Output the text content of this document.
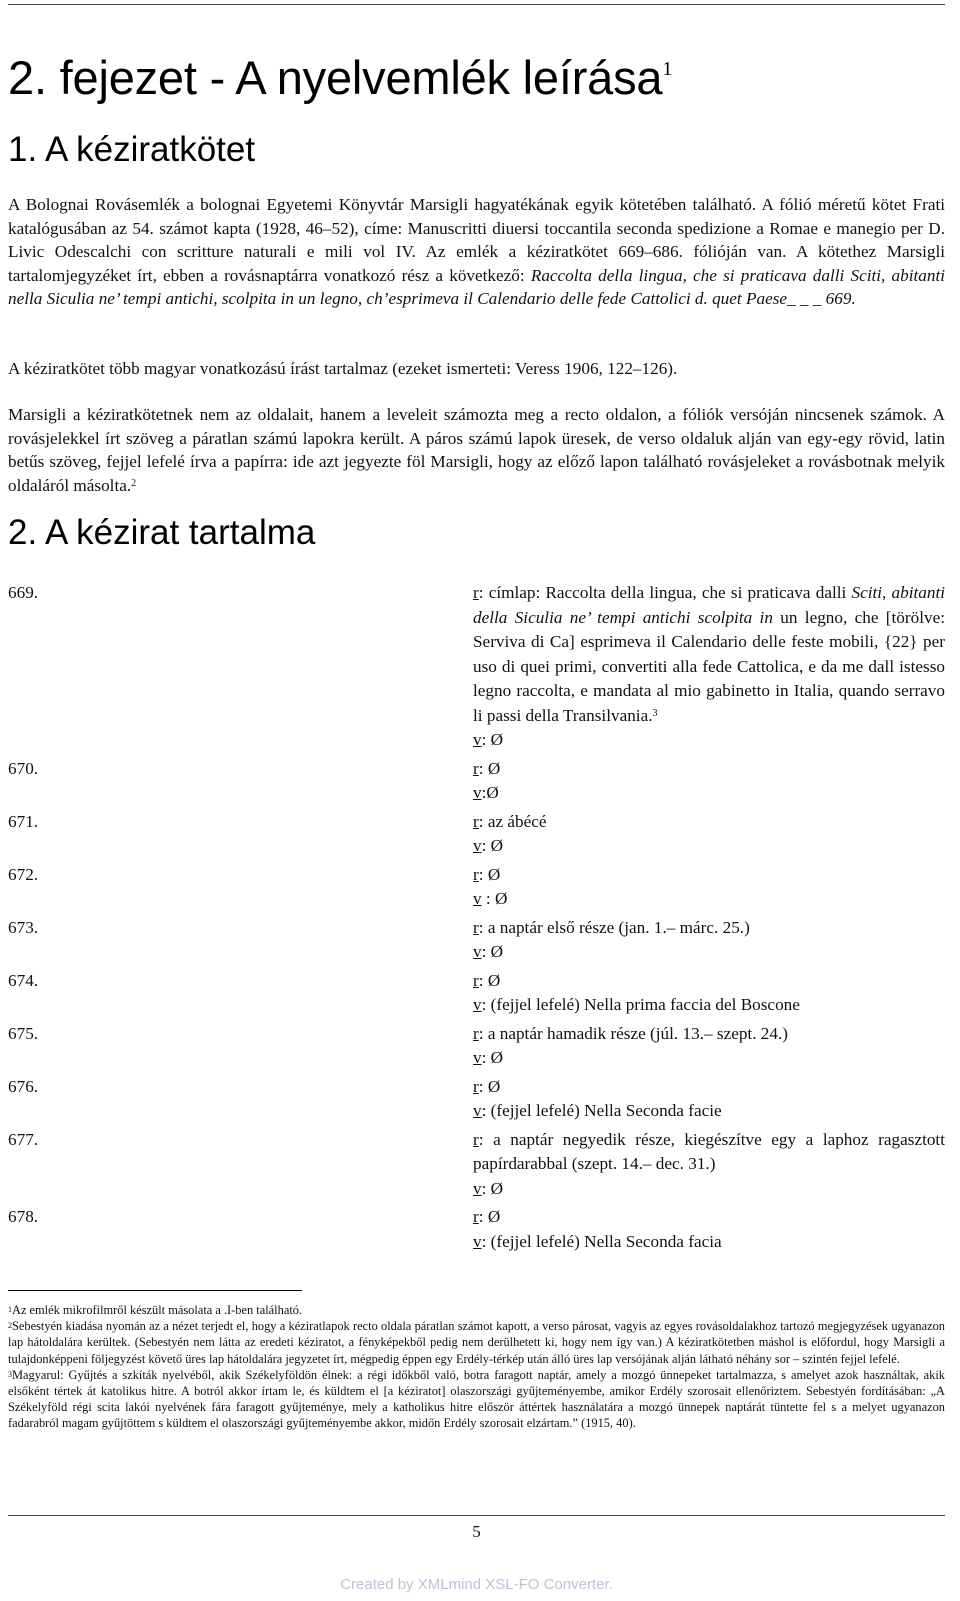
2. fejezet - A nyelvemlék leírása$^1$
1. A kéziratkötet

A Bolognai Rovásemlék a bolognai Egyetemi Könyvtár Marsigli hagyatékának egyik kötetében található. A fólió méretű kötet Frati katalógusában az 54. számot kapta (1928, 46–52), címe: Manuscritti diuersi toccantila seconda spedizione a Romae e manegio per D. Livic Odescalchi con scritture naturali e mili vol IV. Az emlék a kéziratkötet 669–686. fólióján van. A kötethez Marsigli tartalomjegyzéket írt, ebben a rovásnaptárra vonatkozó rész a következő: Raccolta della lingua, che si praticava dalli Sciti, abitanti nella Siculia ne’ tempi antichi, scolpita in un legno, ch’esprimeva il Calendario delle fede Cattolici d. quet Paese_ _ _ 669.

A kéziratkötet több magyar vonatkozású írást tartalmaz (ezeket ismerteti: Veress 1906, 122–126).

Marsigli a kéziratkötetnek nem az oldalait, hanem a leveleit számozta meg a recto oldalon, a fóliók versóján nincsenek számok. A rovásjelekkel írt szöveg a páratlan számú lapokra került. A páros számú lapok üresek, de verso oldaluk alján van egy-egy rövid, latin betűs szöveg, fejjel lefelé írva a papírra: ide azt jegyezte föl Marsigli, hogy az előző lapon található rovásjeleket a rovásbotnak melyik oldaláról másolta.$^2$

2. A kézirat tartalma
669.	r: címlap: Raccolta della lingua, che si praticava dalli Sciti, abitanti della Siculia ne’ tempi antichi scolpita in un legno, che [törölve: Serviva di Ca] esprimeva il Calendario delle feste mobili, {22} per uso di quei primi, convertiti alla fede Cattolica, e da me dall istesso legno raccolta, e mandata al mio gabinetto in Italia, quando serravo li passi della Transilvania.$^3$
v: Ø
670.	r: Ø
v:Ø
671.	r: az ábécé
v: Ø
672.	r: Ø
v : Ø
673.	r: a naptár első része (jan. 1.– márc. 25.)
v: Ø
674.	r: Ø
v: (fejjel lefelé) Nella prima faccia del Boscone
675.	r: a naptár hamadik része (júl. 13.– szept. 24.)
v: Ø
676.	r: Ø
v: (fejjel lefelé) Nella Seconda facie
677.	r: a naptár negyedik része, kiegészítve egy a laphoz ragasztott papírdarabbal (szept. 14.– dec. 31.)
v: Ø
678.	r: Ø
v: (fejjel lefelé) Nella Seconda facia

$^1$Az emlék mikrofilmről készült másolata a .I-ben található.

$^2$Sebestyén kiadása nyomán az a nézet terjedt el, hogy a kéziratlapok recto oldala páratlan számot kapott, a verso párosat, vagyis az egyes rovásoldalakhoz tartozó megjegyzések ugyanazon lap hátoldalára kerültek. (Sebestyén nem látta az eredeti kéziratot, a fényképekből pedig nem derülhetett ki, hogy nem így van.) A kéziratkötetben máshol is előfordul, hogy Marsigli a tulajdonképpeni följegyzést követő üres lap hátoldalára jegyzetet írt, mégpedig éppen egy Erdély-térkép után álló üres lap versójának alján látható néhány sor – szintén fejjel lefelé.

$^3$Magyarul: Gyűjtés a szkíták nyelvéből, akik Székelyföldön élnek: a régi időkből való, botra faragott naptár, amely a mozgó ünnepeket tartalmazza, s amelyet azok használtak, akik elsőként tértek át katolikus hitre. A botról akkor írtam le, és küldtem el [a kéziratot] olaszországi gyűjteményembe, amikor Erdély szorosait ellenőriztem. Sebestyén fordításában: „A Székelyföld régi scita lakói nyelvének fára faragott gyűjteménye, mely a katholikus hitre először áttértek használatára a mozgó ünnepek naptárát tüntette fel s a melyet ugyanazon fadarabról magam gyűjtöttem s küldtem el olaszországi gyűjteményembe akkor, midőn Erdély szorosait elzártam.” (1915, 40).

5
Created by XMLmind XSL-FO Converter.
